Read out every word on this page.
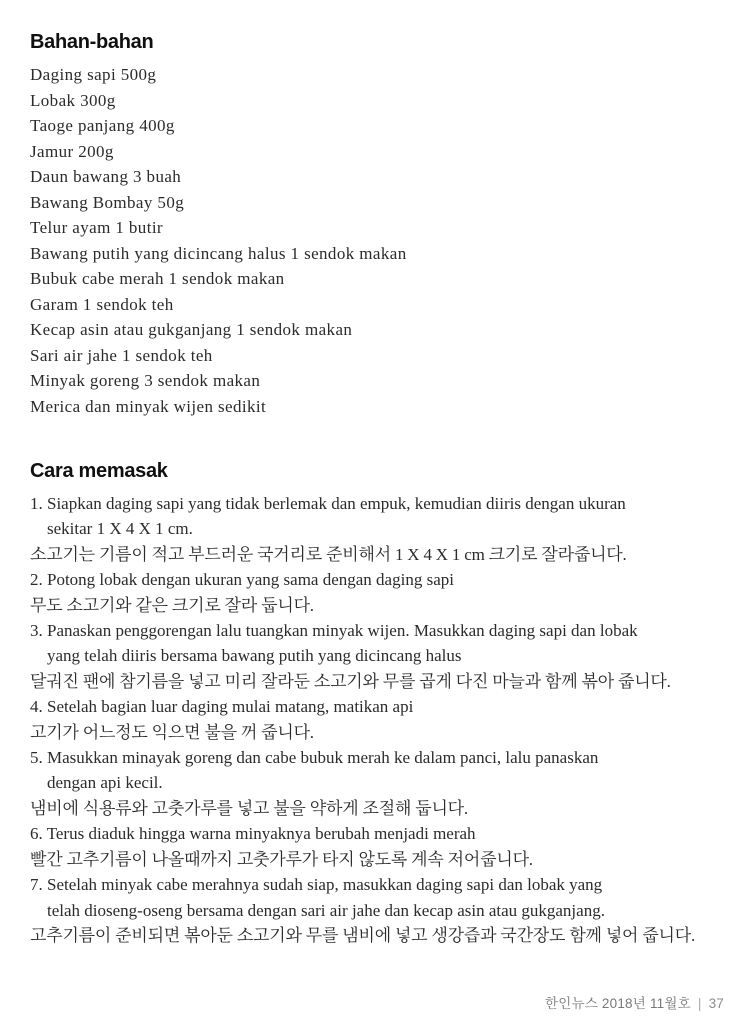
Bahan-bahan
Daging sapi 500g
Lobak 300g
Taoge panjang 400g
Jamur 200g
Daun bawang 3 buah
Bawang Bombay 50g
Telur ayam 1 butir
Bawang putih yang dicincang halus 1 sendok makan
Bubuk cabe merah 1 sendok makan
Garam 1 sendok teh
Kecap asin atau gukganjang 1 sendok makan
Sari air jahe 1 sendok teh
Minyak goreng 3 sendok makan
Merica dan minyak wijen sedikit
Cara memasak
1. Siapkan daging sapi yang tidak berlemak dan empuk, kemudian diiris dengan ukuran
sekitar 1 X 4 X 1 cm.
소고기는 기름이 적고 부드러운 국거리로 준비해서 1 X 4 X 1 cm 크기로 잘라줍니다.
2. Potong lobak dengan ukuran yang sama dengan daging sapi
무도 소고기와 같은 크기로 잘라 둡니다.
3. Panaskan penggorengan lalu tuangkan minyak wijen. Masukkan daging sapi dan lobak
yang telah diiris bersama bawang putih yang dicincang halus
달궈진 팬에 참기름을 넣고 미리 잘라둔 소고기와 무를 곱게 다진 마늘과 함께 볶아 줍니다.
4. Setelah bagian luar daging mulai matang, matikan api
고기가 어느정도 익으면 불을 꺼 줍니다.
5. Masukkan minayak goreng dan cabe bubuk merah ke dalam panci, lalu panaskan
dengan api kecil.
냄비에 식용류와 고춧가루를 넣고 불을 약하게 조절해 둡니다.
6. Terus diaduk hingga warna minyaknya berubah menjadi merah
빨간 고추기름이 나올때까지 고춧가루가 타지 않도록 계속 저어줍니다.
7. Setelah minyak cabe merahnya sudah siap, masukkan daging sapi dan lobak yang
telah dioseng-oseng bersama dengan sari air jahe dan kecap asin atau gukganjang.
고추기름이 준비되면 볶아둔 소고기와 무를 냄비에 넣고 생강즙과 국간장도 함께 넣어 줍니다.
한인뉴스 2018년 11월호 | 37
